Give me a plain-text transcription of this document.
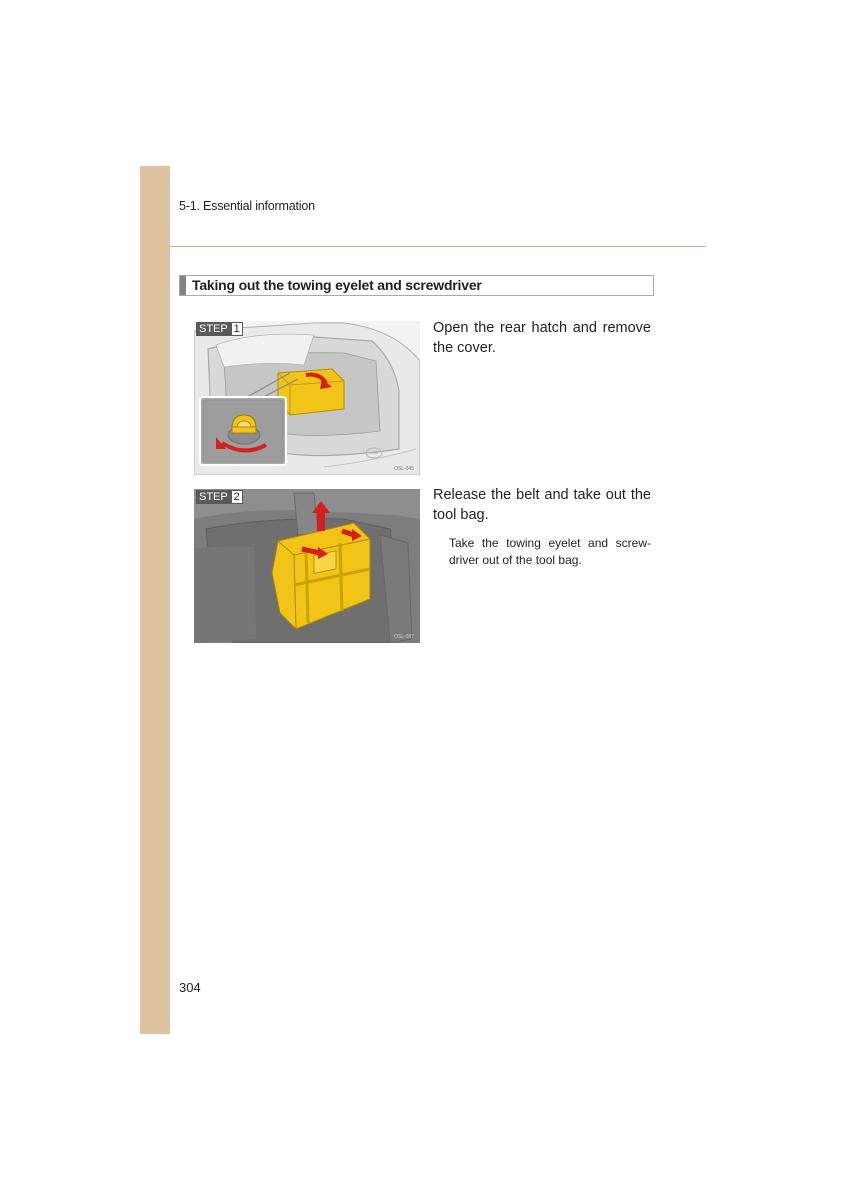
5-1. Essential information
Taking out the towing eyelet and screwdriver
STEP 1
OSL-045
Open the rear hatch and remove the cover.
STEP 2
OSL-087
Release the belt and take out the tool bag.
Take the towing eyelet and screw-driver out of the tool bag.
304
